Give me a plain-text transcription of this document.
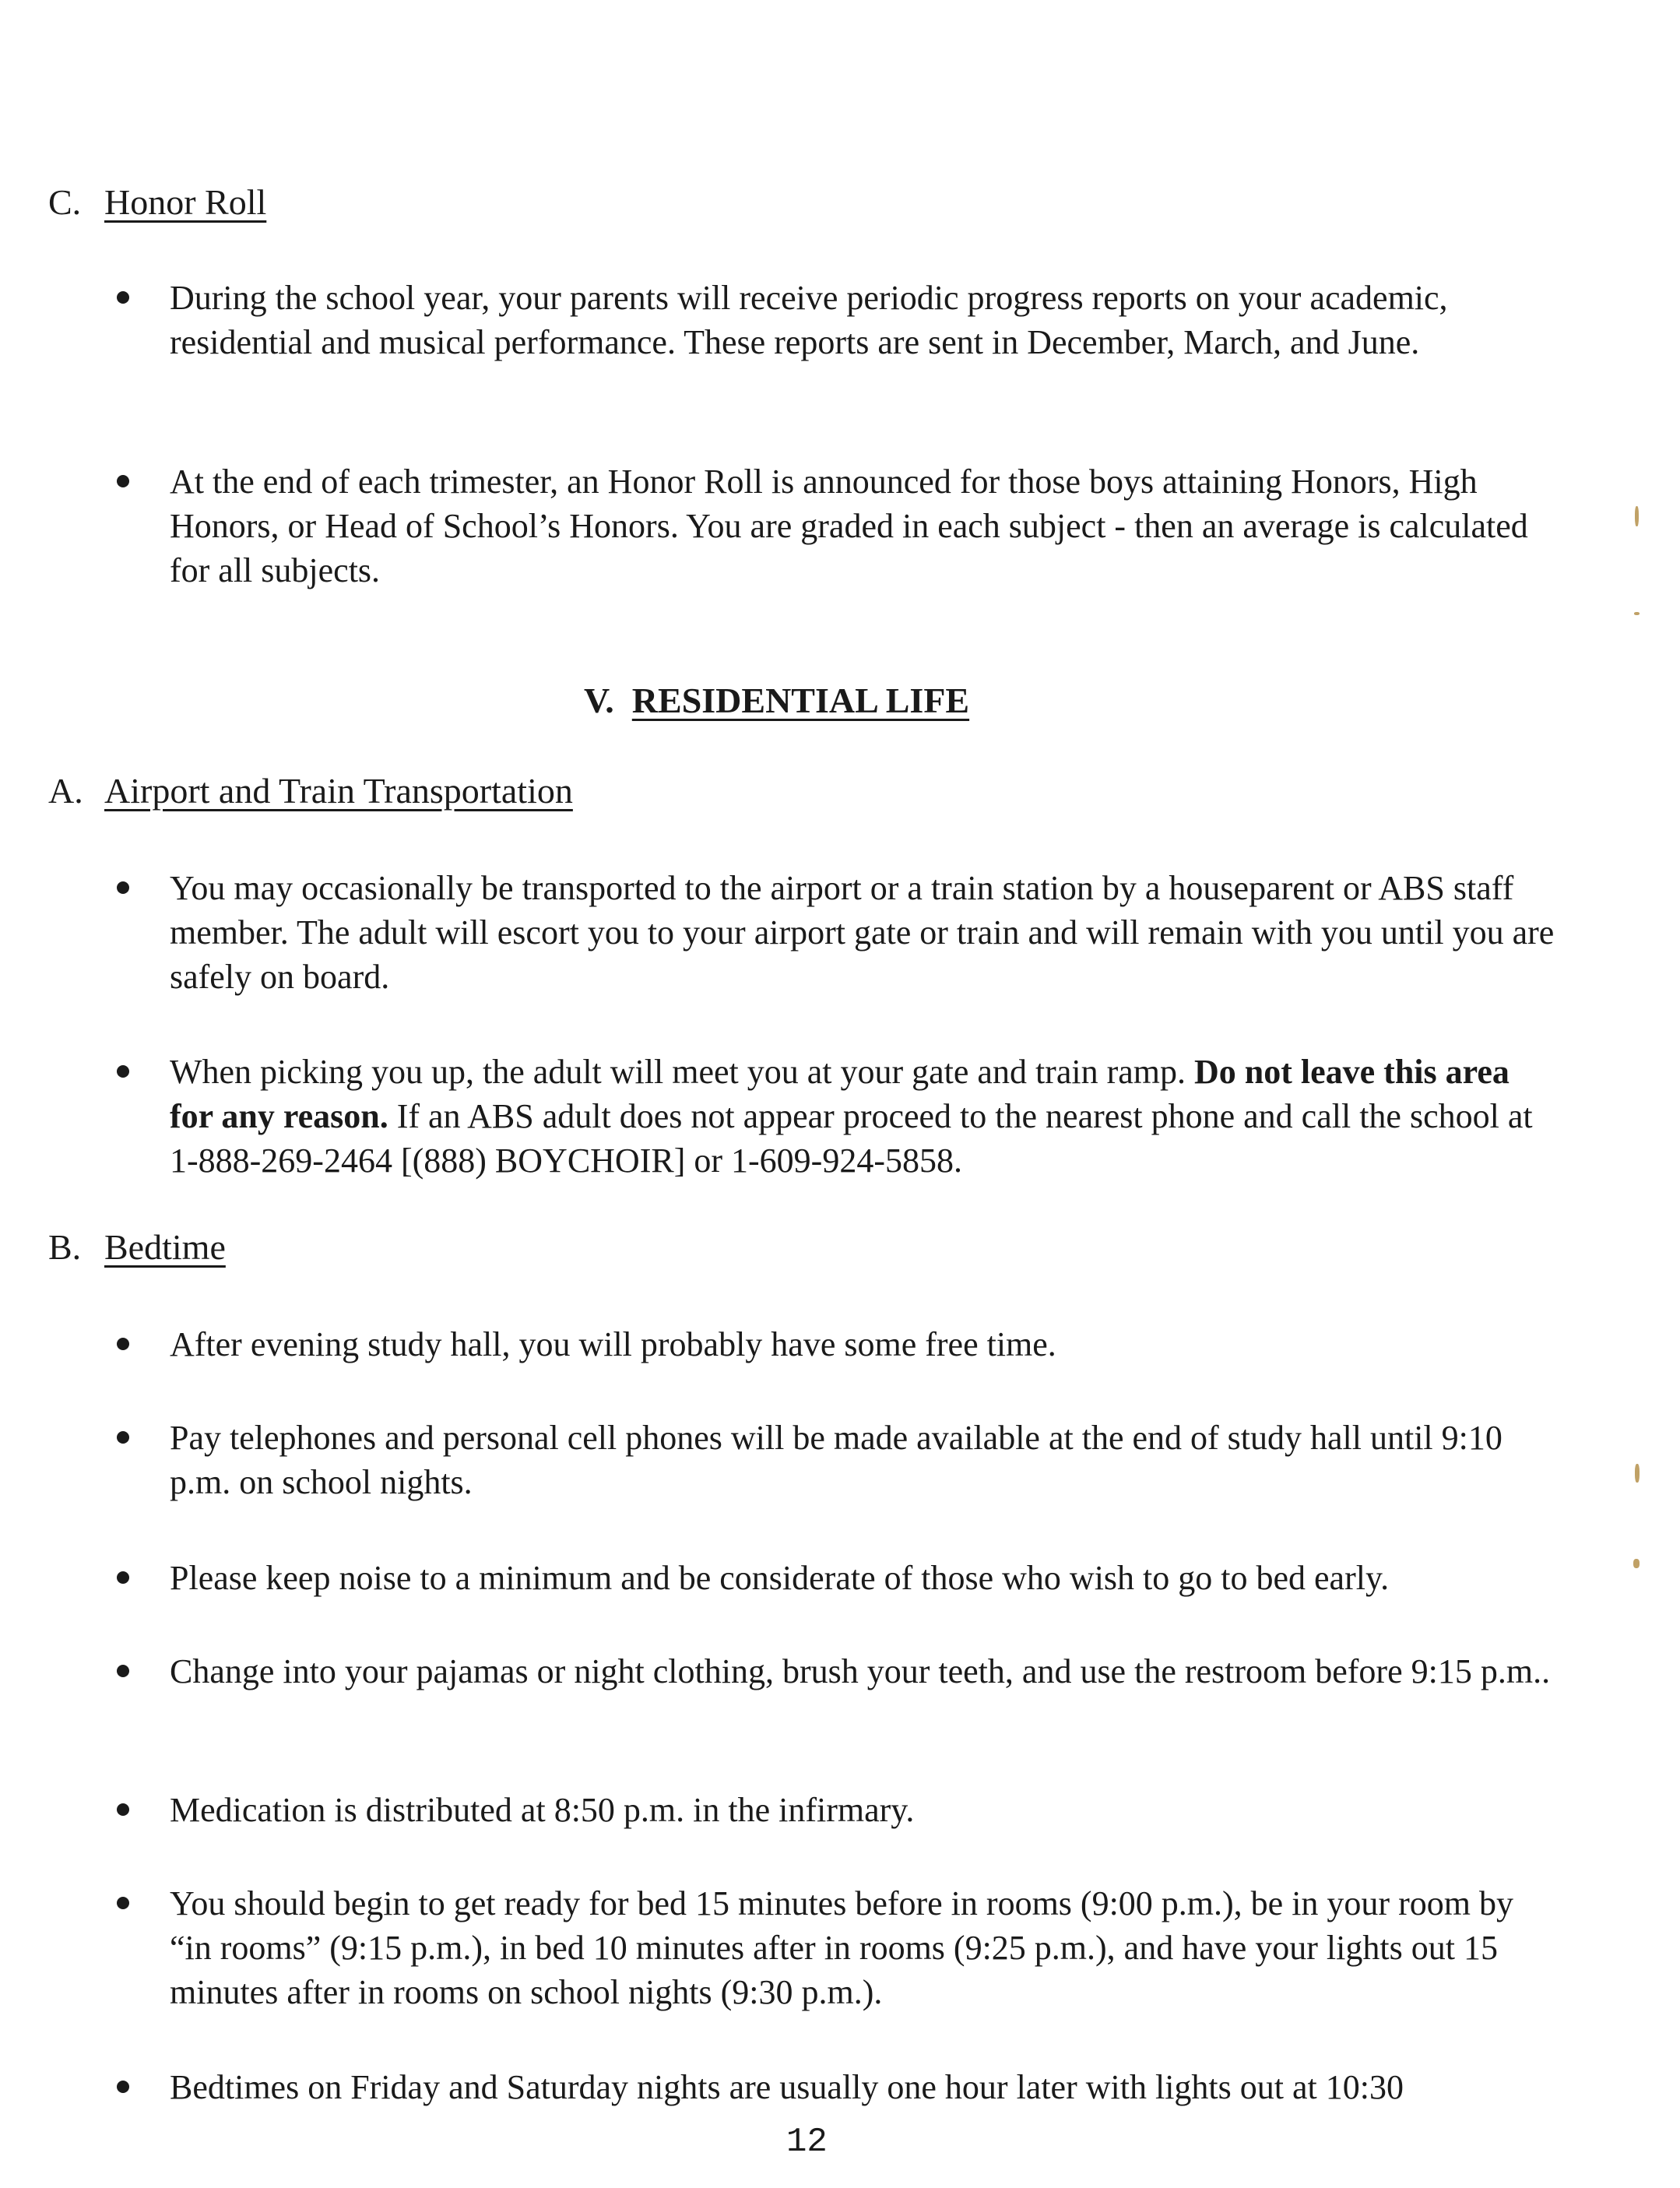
C. Honor Roll
During the school year, your parents will receive periodic progress reports on your academic, residential and musical performance. These reports are sent in December, March, and June.
At the end of each trimester, an Honor Roll is announced for those boys attaining Honors, High Honors, or Head of School’s Honors. You are graded in each subject - then an average is calculated for all subjects.
V. RESIDENTIAL LIFE
A. Airport and Train Transportation
You may occasionally be transported to the airport or a train station by a houseparent or ABS staff member. The adult will escort you to your airport gate or train and will remain with you until you are safely on board.
When picking you up, the adult will meet you at your gate and train ramp. Do not leave this area for any reason. If an ABS adult does not appear proceed to the nearest phone and call the school at 1-888-269-2464 [(888) BOYCHOIR] or 1-609-924-5858.
B. Bedtime
After evening study hall, you will probably have some free time.
Pay telephones and personal cell phones will be made available at the end of study hall until 9:10 p.m. on school nights.
Please keep noise to a minimum and be considerate of those who wish to go to bed early.
Change into your pajamas or night clothing, brush your teeth, and use the restroom before 9:15 p.m..
Medication is distributed at 8:50 p.m. in the infirmary.
You should begin to get ready for bed 15 minutes before in rooms (9:00 p.m.), be in your room by “in rooms” (9:15 p.m.), in bed 10 minutes after in rooms (9:25 p.m.), and have your lights out 15 minutes after in rooms on school nights (9:30 p.m.).
Bedtimes on Friday and Saturday nights are usually one hour later with lights out at 10:30
12
